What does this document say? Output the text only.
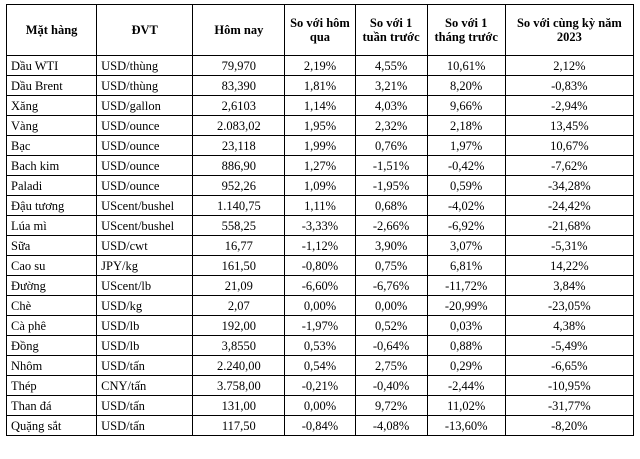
Mặt hàng	ĐVT	Hôm nay	So với hôm qua	So với 1 tuần trước	So với 1 tháng trước	So với cùng kỳ năm 2023
Dầu WTI	USD/thùng	79,970	2,19%	4,55%	10,61%	2,12%
Dầu Brent	USD/thùng	83,390	1,81%	3,21%	8,20%	-0,83%
Xăng	USD/gallon	2,6103	1,14%	4,03%	9,66%	-2,94%
Vàng	USD/ounce	2.083,02	1,95%	2,32%	2,18%	13,45%
Bạc	USD/ounce	23,118	1,99%	0,76%	1,97%	10,67%
Bach kim	USD/ounce	886,90	1,27%	-1,51%	-0,42%	-7,62%
Paladi	USD/ounce	952,26	1,09%	-1,95%	0,59%	-34,28%
Đậu tương	UScent/bushel	1.140,75	1,11%	0,68%	-4,02%	-24,42%
Lúa mì	UScent/bushel	558,25	-3,33%	-2,66%	-6,92%	-21,68%
Sữa	USD/cwt	16,77	-1,12%	3,90%	3,07%	-5,31%
Cao su	JPY/kg	161,50	-0,80%	0,75%	6,81%	14,22%
Đường	UScent/lb	21,09	-6,60%	-6,76%	-11,72%	3,84%
Chè	USD/kg	2,07	0,00%	0,00%	-20,99%	-23,05%
Cà phê	USD/lb	192,00	-1,97%	0,52%	0,03%	4,38%
Đồng	USD/lb	3,8550	0,53%	-0,64%	0,88%	-5,49%
Nhôm	USD/tấn	2.240,00	0,54%	2,75%	0,29%	-6,65%
Thép	CNY/tấn	3.758,00	-0,21%	-0,40%	-2,44%	-10,95%
Than đá	USD/tấn	131,00	0,00%	9,72%	11,02%	-31,77%
Quặng sắt	USD/tấn	117,50	-0,84%	-4,08%	-13,60%	-8,20%
